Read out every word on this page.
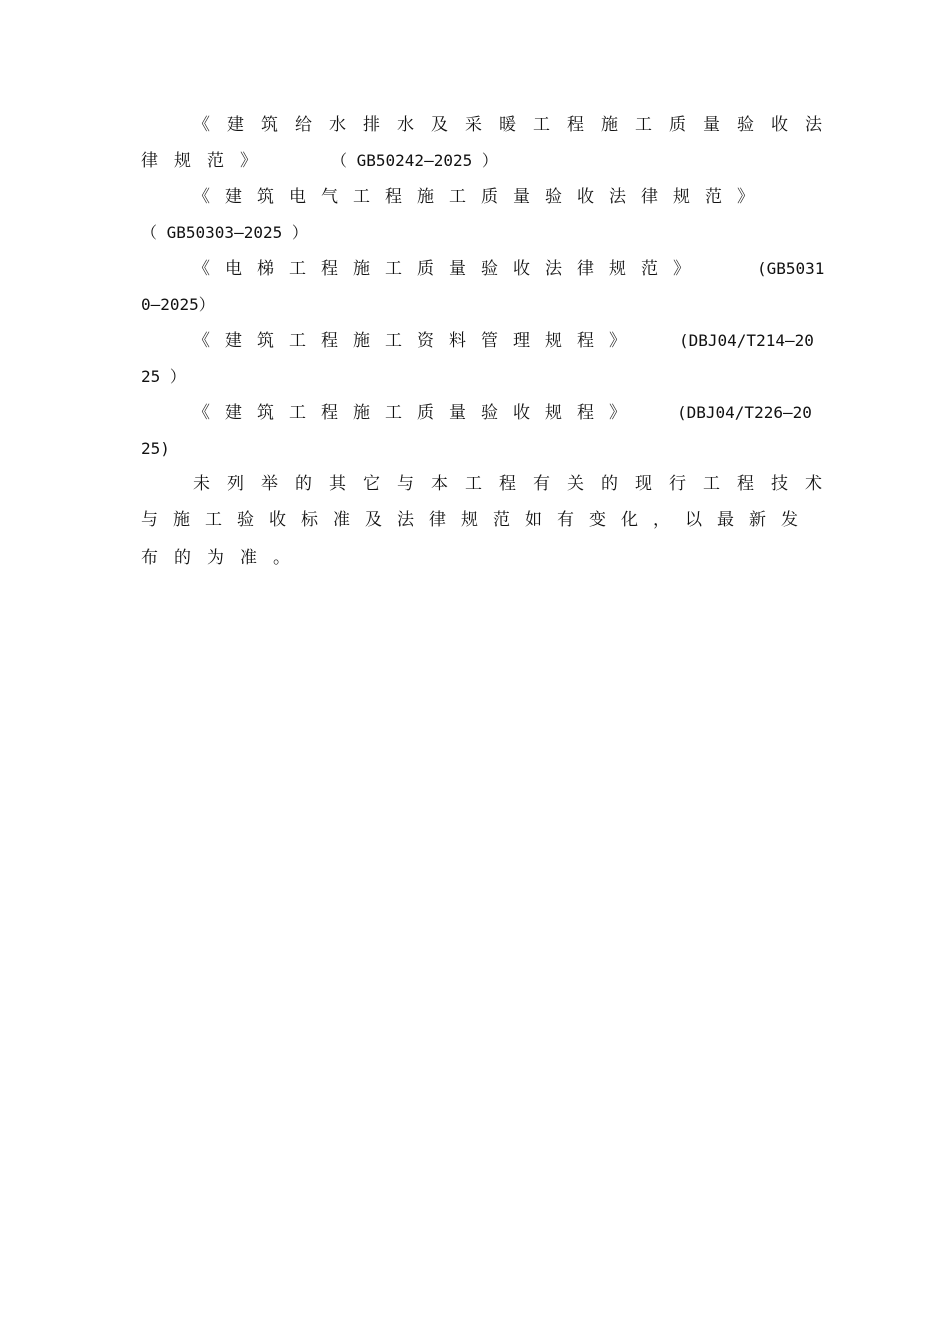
《建筑给水排水及采暖工程施工质量验收法
律规范》	（ GB50242—2025 ）
《建筑电气工程施工质量验收法律规范》
（ GB50303—2025 ）
《电梯工程施工质量验收法律规范》	(GB5031
0—2025）
《建筑工程施工资料管理规程》 (DBJ04/T214—20
25 ）
《建筑工程施工质量验收规程》 (DBJ04/T226—20
25)
未列举的其它与本工程有关的现行工程技术
与施工验收标准及法律规范如有变化，以最新发
布的为准。
